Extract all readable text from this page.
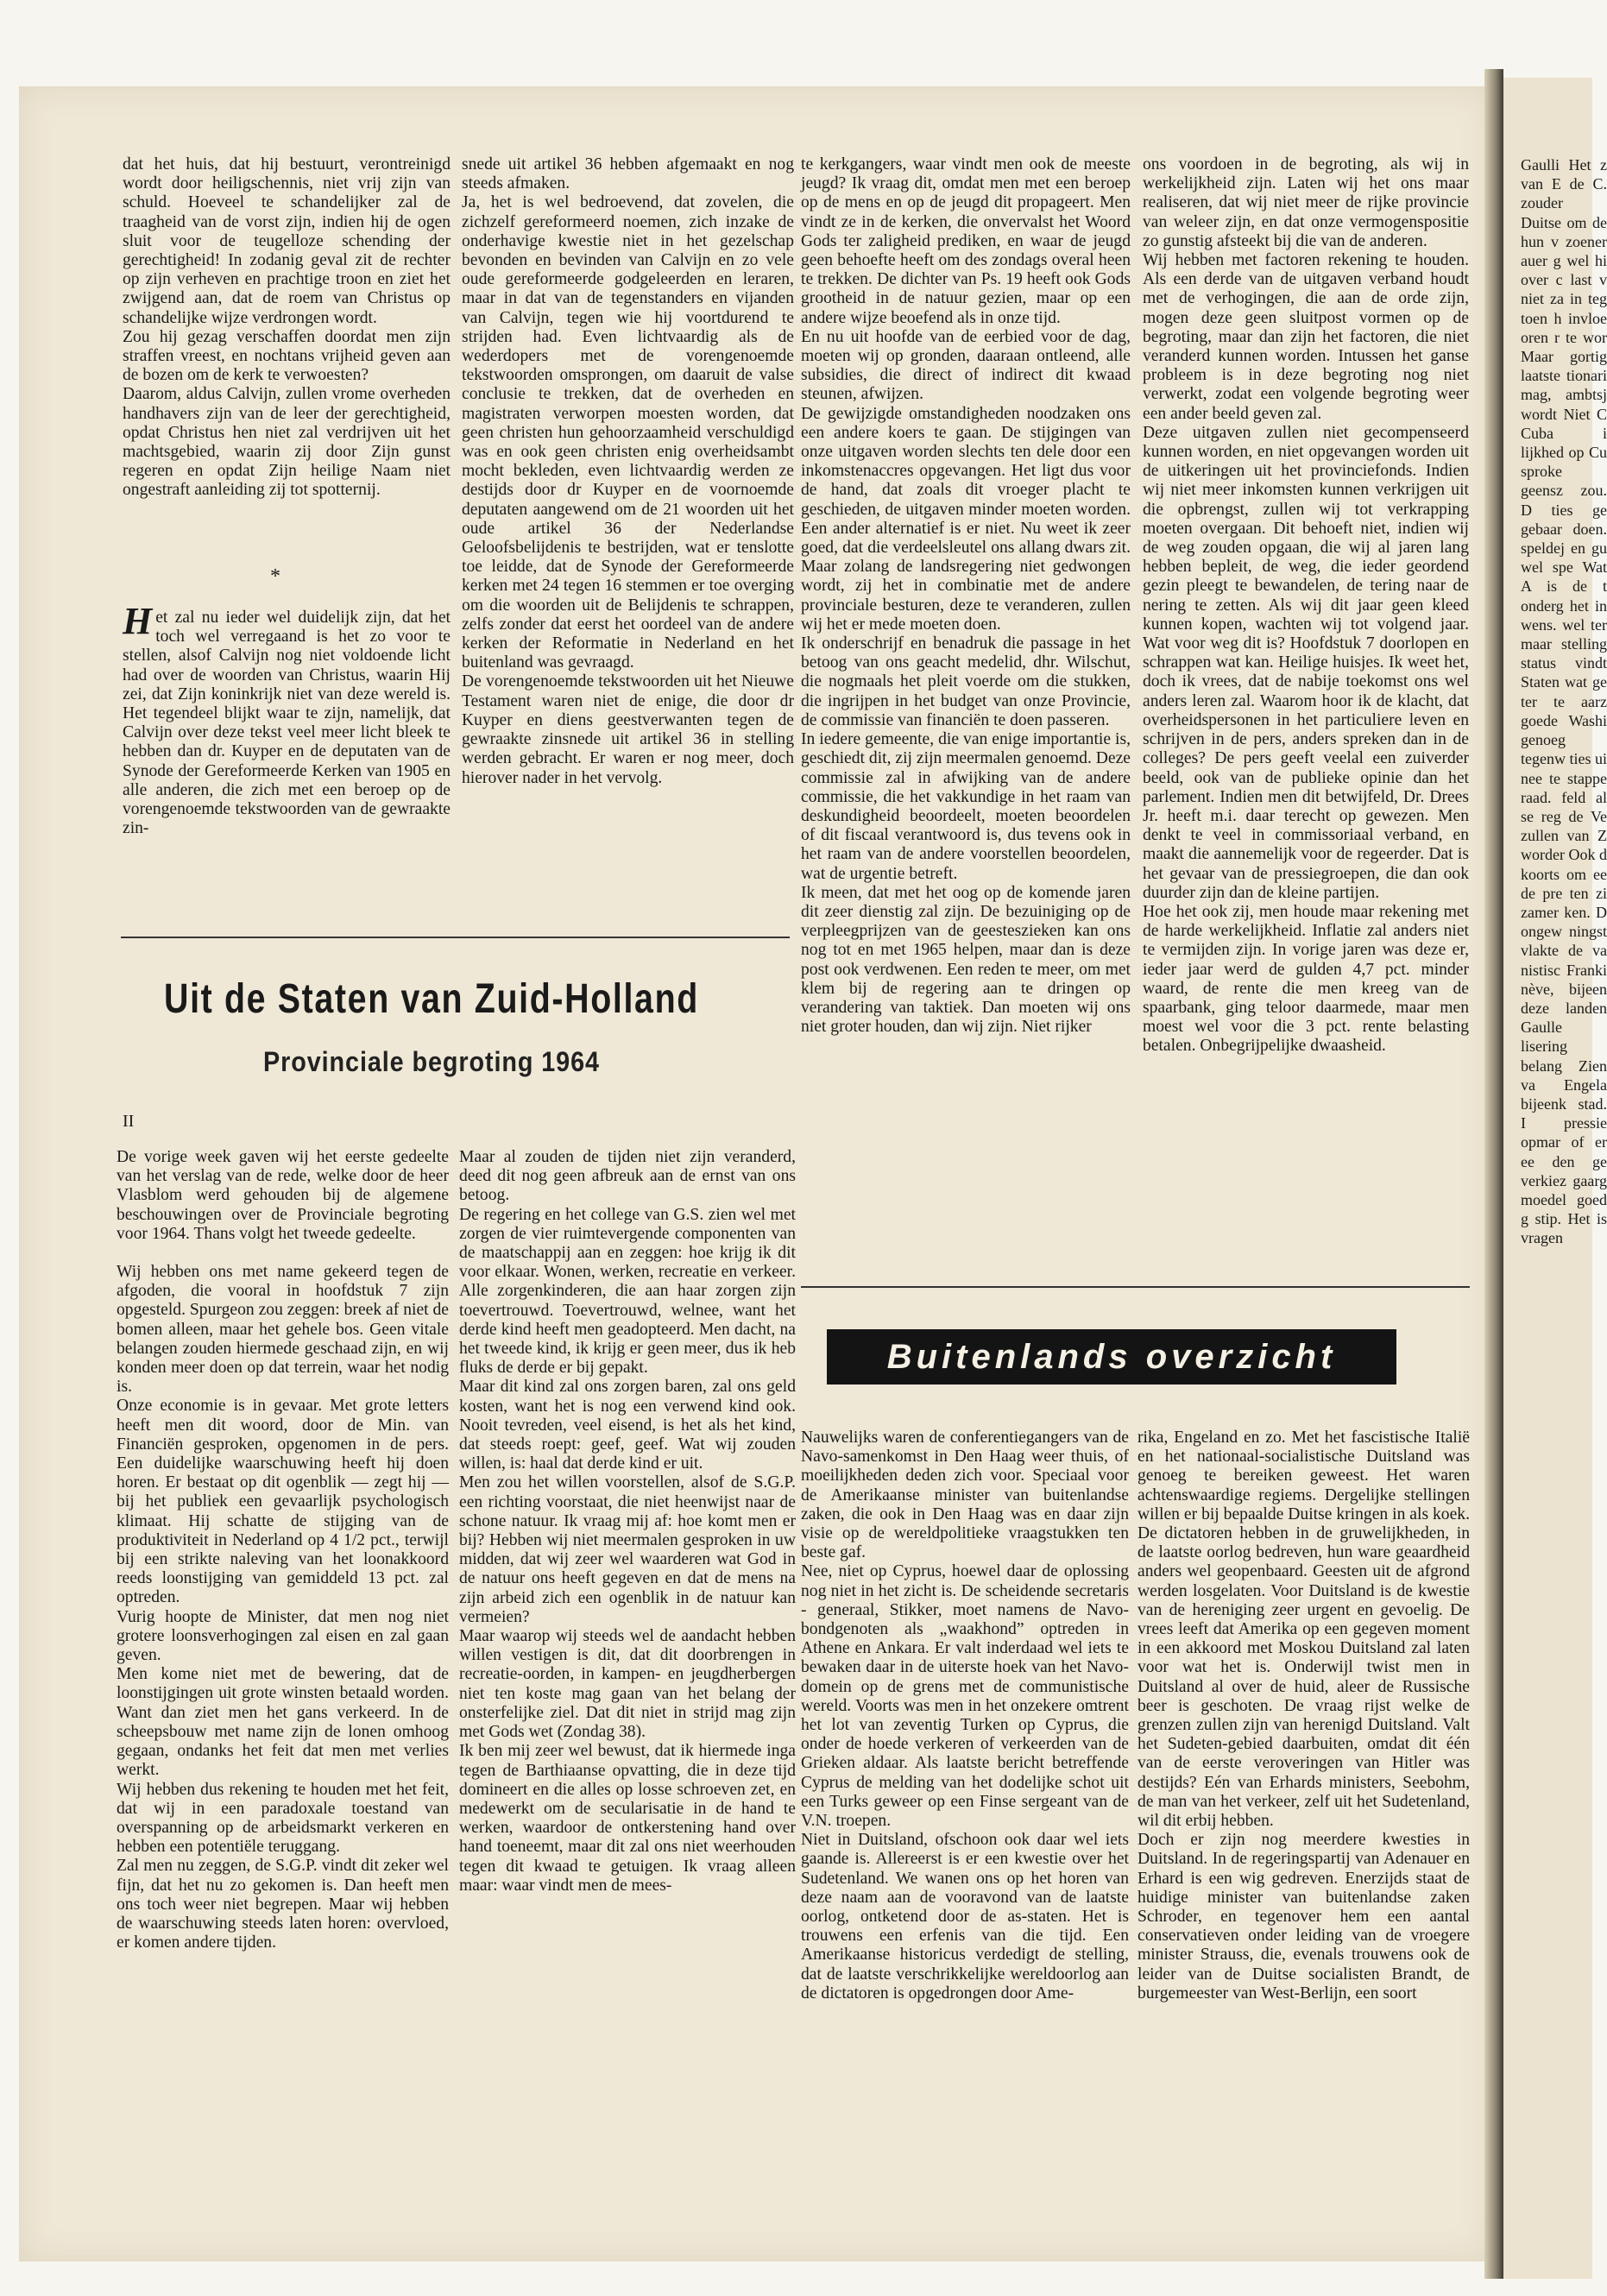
dat het huis, dat hij bestuurt, verontreinigd wordt door heiligschennis, niet vrij zijn van schuld. Hoeveel te schandelijker zal de traagheid van de vorst zijn, indien hij de ogen sluit voor de teugelloze schending der gerechtigheid! In zodanig geval zit de rechter op zijn verheven en prachtige troon en ziet het zwijgend aan, dat de roem van Christus op schandelijke wijze verdrongen wordt.

Zou hij gezag verschaffen doordat men zijn straffen vreest, en nochtans vrijheid geven aan de bozen om de kerk te verwoesten?

Daarom, aldus Calvijn, zullen vrome overheden handhavers zijn van de leer der gerechtigheid, opdat Christus hen niet zal verdrijven uit het machtsgebied, waarin zij door Zijn gunst regeren en opdat Zijn heilige Naam niet ongestraft aanleiding zij tot spotternij.

*

Het zal nu ieder wel duidelijk zijn, dat het toch wel verregaand is het zo voor te stellen, alsof Calvijn nog niet voldoende licht had over de woorden van Christus, waarin Hij zei, dat Zijn koninkrijk niet van deze wereld is. Het tegendeel blijkt waar te zijn, namelijk, dat Calvijn over deze tekst veel meer licht bleek te hebben dan dr. Kuyper en de deputaten van de Synode der Gereformeerde Kerken van 1905 en alle anderen, die zich met een beroep op de vorengenoemde tekstwoorden van de gewraakte zin-

snede uit artikel 36 hebben afgemaakt en nog steeds afmaken.

Ja, het is wel bedroevend, dat zovelen, die zichzelf gereformeerd noemen, zich inzake de onderhavige kwestie niet in het gezelschap bevonden en bevinden van Calvijn en zo vele oude gereformeerde godgeleerden en leraren, maar in dat van de tegenstanders en vijanden van Calvijn, tegen wie hij voortdurend te strijden had. Even lichtvaardig als de wederdopers met de vorengenoemde tekstwoorden omsprongen, om daaruit de valse conclusie te trekken, dat de overheden en magistraten verworpen moesten worden, dat geen christen hun gehoorzaamheid verschuldigd was en ook geen christen enig overheidsambt mocht bekleden, even lichtvaardig werden ze destijds door dr Kuyper en de voornoemde deputaten aangewend om de 21 woorden uit het oude artikel 36 der Nederlandse Geloofsbelijdenis te bestrijden, wat er tenslotte toe leidde, dat de Synode der Gereformeerde kerken met 24 tegen 16 stemmen er toe overging om die woorden uit de Belijdenis te schrappen, zelfs zonder dat eerst het oordeel van de andere kerken der Reformatie in Nederland en het buitenland was gevraagd.

De vorengenoemde tekstwoorden uit het Nieuwe Testament waren niet de enige, die door dr Kuyper en diens geestverwanten tegen de gewraakte zinsnede uit artikel 36 in stelling werden gebracht. Er waren er nog meer, doch hierover nader in het vervolg.

Uit de Staten van Zuid-Holland
Provinciale begroting 1964
II

De vorige week gaven wij het eerste gedeelte van het verslag van de rede, welke door de heer Vlasblom werd gehouden bij de algemene beschouwingen over de Provinciale begroting voor 1964. Thans volgt het tweede gedeelte.

Wij hebben ons met name gekeerd tegen de afgoden, die vooral in hoofdstuk 7 zijn opgesteld. Spurgeon zou zeggen: breek af niet de bomen alleen, maar het gehele bos. Geen vitale belangen zouden hiermede geschaad zijn, en wij konden meer doen op dat terrein, waar het nodig is.

Onze economie is in gevaar. Met grote letters heeft men dit woord, door de Min. van Financiën gesproken, opgenomen in de pers. Een duidelijke waarschuwing heeft hij doen horen. Er bestaat op dit ogenblik — zegt hij — bij het publiek een gevaarlijk psychologisch klimaat. Hij schatte de stijging van de produktiviteit in Nederland op 4 1/2 pct., terwijl bij een strikte naleving van het loonakkoord reeds loonstijging van gemiddeld 13 pct. zal optreden.

Vurig hoopte de Minister, dat men nog niet grotere loonsverhogingen zal eisen en zal gaan geven.

Men kome niet met de bewering, dat de loonstijgingen uit grote winsten betaald worden. Want dan ziet men het gans verkeerd. In de scheepsbouw met name zijn de lonen omhoog gegaan, ondanks het feit dat men met verlies werkt.

Wij hebben dus rekening te houden met het feit, dat wij in een paradoxale toestand van overspanning op de arbeidsmarkt verkeren en hebben een potentiële teruggang.

Zal men nu zeggen, de S.G.P. vindt dit zeker wel fijn, dat het nu zo gekomen is. Dan heeft men ons toch weer niet begrepen. Maar wij hebben de waarschuwing steeds laten horen: overvloed, er komen andere tijden.

Maar al zouden de tijden niet zijn veranderd, deed dit nog geen afbreuk aan de ernst van ons betoog.

De regering en het college van G.S. zien wel met zorgen de vier ruimtevergende componenten van de maatschappij aan en zeggen: hoe krijg ik dit voor elkaar. Wonen, werken, recreatie en verkeer. Alle zorgenkinderen, die aan haar zorgen zijn toevertrouwd. Toevertrouwd, welnee, want het derde kind heeft men geadopteerd. Men dacht, na het tweede kind, ik krijg er geen meer, dus ik heb fluks de derde er bij gepakt.

Maar dit kind zal ons zorgen baren, zal ons geld kosten, want het is nog een verwend kind ook. Nooit tevreden, veel eisend, is het als het kind, dat steeds roept: geef, geef. Wat wij zouden willen, is: haal dat derde kind er uit.

Men zou het willen voorstellen, alsof de S.G.P. een richting voorstaat, die niet heenwijst naar de schone natuur. Ik vraag mij af: hoe komt men er bij? Hebben wij niet meermalen gesproken in uw midden, dat wij zeer wel waarderen wat God in de natuur ons heeft gegeven en dat de mens na zijn arbeid zich een ogenblik in de natuur kan vermeien?

Maar waarop wij steeds wel de aandacht hebben willen vestigen is dit, dat dit doorbrengen in recreatie-oorden, in kampen- en jeugdherbergen niet ten koste mag gaan van het belang der onsterfelijke ziel. Dat dit niet in strijd mag zijn met Gods wet (Zondag 38).

Ik ben mij zeer wel bewust, dat ik hiermede inga tegen de Barthiaanse opvatting, die in deze tijd domineert en die alles op losse schroeven zet, en medewerkt om de secularisatie in de hand te werken, waardoor de ontkerstening hand over hand toeneemt, maar dit zal ons niet weerhouden tegen dit kwaad te getuigen. Ik vraag alleen maar: waar vindt men de mees-

te kerkgangers, waar vindt men ook de meeste jeugd? Ik vraag dit, omdat men met een beroep op de mens en op de jeugd dit propageert. Men vindt ze in de kerken, die onvervalst het Woord Gods ter zaligheid prediken, en waar de jeugd geen behoefte heeft om des zondags overal heen te trekken. De dichter van Ps. 19 heeft ook Gods grootheid in de natuur gezien, maar op een andere wijze beoefend als in onze tijd.

En nu uit hoofde van de eerbied voor de dag, moeten wij op gronden, daaraan ontleend, alle subsidies, die direct of indirect dit kwaad steunen, afwijzen.

De gewijzigde omstandigheden noodzaken ons een andere koers te gaan. De stijgingen van onze uitgaven worden slechts ten dele door een inkomstenaccres opgevangen. Het ligt dus voor de hand, dat zoals dit vroeger placht te geschieden, de uitgaven minder moeten worden. Een ander alternatief is er niet. Nu weet ik zeer goed, dat die verdeelsleutel ons allang dwars zit. Maar zolang de landsregering niet gedwongen wordt, zij het in combinatie met de andere provinciale besturen, deze te veranderen, zullen wij het er mede moeten doen.

Ik onderschrijf en benadruk die passage in het betoog van ons geacht medelid, dhr. Wilschut, die nogmaals het pleit voerde om die stukken, die ingrijpen in het budget van onze Provincie, de commissie van financiën te doen passeren.

In iedere gemeente, die van enige importantie is, geschiedt dit, zij zijn meermalen genoemd. Deze commissie zal in afwijking van de andere commissie, die het vakkundige in het raam van deskundigheid beoordeelt, moeten beoordelen of dit fiscaal verantwoord is, dus tevens ook in het raam van de andere voorstellen beoordelen, wat de urgentie betreft.

Ik meen, dat met het oog op de komende jaren dit zeer dienstig zal zijn. De bezuiniging op de verpleegprijzen van de geesteszieken kan ons nog tot en met 1965 helpen, maar dan is deze post ook verdwenen. Een reden te meer, om met klem bij de regering aan te dringen op verandering van taktiek. Dan moeten wij ons niet groter houden, dan wij zijn. Niet rijker

ons voordoen in de begroting, als wij in werkelijkheid zijn. Laten wij het ons maar realiseren, dat wij niet meer de rijke provincie van weleer zijn, en dat onze vermogenspositie zo gunstig afsteekt bij die van de anderen.

Wij hebben met factoren rekening te houden. Als een derde van de uitgaven verband houdt met de verhogingen, die aan de orde zijn, mogen deze geen sluitpost vormen op de begroting, maar dan zijn het factoren, die niet veranderd kunnen worden. Intussen het ganse probleem is in deze begroting nog niet verwerkt, zodat een volgende begroting weer een ander beeld geven zal.

Deze uitgaven zullen niet gecompenseerd kunnen worden, en niet opgevangen worden uit de uitkeringen uit het provinciefonds. Indien wij niet meer inkomsten kunnen verkrijgen uit die opbrengst, zullen wij tot verkrapping moeten overgaan. Dit behoeft niet, indien wij de weg zouden opgaan, die wij al jaren lang hebben bepleit, de weg, die ieder geordend gezin pleegt te bewandelen, de tering naar de nering te zetten. Als wij dit jaar geen kleed kunnen kopen, wachten wij tot volgend jaar. Wat voor weg dit is? Hoofdstuk 7 doorlopen en schrappen wat kan. Heilige huisjes. Ik weet het, doch ik vrees, dat de nabije toekomst ons wel anders leren zal. Waarom hoor ik de klacht, dat overheidspersonen in het particuliere leven en schrijven in de pers, anders spreken dan in de colleges? De pers geeft veelal een zuiverder beeld, ook van de publieke opinie dan het parlement. Indien men dit betwijfeld, Dr. Drees Jr. heeft m.i. daar terecht op gewezen. Men denkt te veel in commissoriaal verband, en maakt die aannemelijk voor de regeerder. Dat is het gevaar van de pressiegroepen, die dan ook duurder zijn dan de kleine partijen.

Hoe het ook zij, men houde maar rekening met de harde werkelijkheid. Inflatie zal anders niet te vermijden zijn. In vorige jaren was deze er, ieder jaar werd de gulden 4,7 pct. minder waard, de rente die men kreeg van de spaarbank, ging teloor daarmede, maar men moest wel voor die 3 pct. rente belasting betalen. Onbegrijpelijke dwaasheid.

Buitenlands overzicht

Nauwelijks waren de conferentiegangers van de Navo-samenkomst in Den Haag weer thuis, of moeilijkheden deden zich voor. Speciaal voor de Amerikaanse minister van buitenlandse zaken, die ook in Den Haag was en daar zijn visie op de wereldpolitieke vraagstukken ten beste gaf.

Nee, niet op Cyprus, hoewel daar de oplossing nog niet in het zicht is. De scheidende secretaris - generaal, Stikker, moet namens de Navo-bondgenoten als „waakhond” optreden in Athene en Ankara. Er valt inderdaad wel iets te bewaken daar in de uiterste hoek van het Navo-domein op de grens met de communistische wereld. Voorts was men in het onzekere omtrent het lot van zeventig Turken op Cyprus, die onder de hoede verkeren of verkeerden van de Grieken aldaar. Als laatste bericht betreffende Cyprus de melding van het dodelijke schot uit een Turks geweer op een Finse sergeant van de V.N. troepen.

Niet in Duitsland, ofschoon ook daar wel iets gaande is. Allereerst is er een kwestie over het Sudetenland. We wanen ons op het horen van deze naam aan de vooravond van de laatste oorlog, ontketend door de as-staten. Het is trouwens een erfenis van die tijd. Een Amerikaanse historicus verdedigt de stelling, dat de laatste verschrikkelijke wereldoorlog aan de dictatoren is opgedrongen door Ame-

rika, Engeland en zo. Met het fascistische Italië en het nationaal-socialistische Duitsland was genoeg te bereiken geweest. Het waren achtenswaardige regiems. Dergelijke stellingen willen er bij bepaalde Duitse kringen in als koek. De dictatoren hebben in de gruwelijkheden, in de laatste oorlog bedreven, hun ware geaardheid anders wel geopenbaard. Geesten uit de afgrond werden losgelaten. Voor Duitsland is de kwestie van de hereniging zeer urgent en gevoelig. De vrees leeft dat Amerika op een gegeven moment in een akkoord met Moskou Duitsland zal laten voor wat het is. Onderwijl twist men in Duitsland al over de huid, aleer de Russische beer is geschoten. De vraag rijst welke de grenzen zullen zijn van herenigd Duitsland. Valt het Sudeten-gebied daarbuiten, omdat dit één van de eerste veroveringen van Hitler was destijds? Eén van Erhards ministers, Seebohm, de man van het verkeer, zelf uit het Sudetenland, wil dit erbij hebben.

Doch er zijn nog meerdere kwesties in Duitsland. In de regeringspartij van Adenauer en Erhard is een wig gedreven. Enerzijds staat de huidige minister van buitenlandse zaken Schroder, en tegenover hem een aantal conservatieven onder leiding van de vroegere minister Strauss, die, evenals trouwens ook de leider van de Duitse socialisten Brandt, de burgemeester van West-Berlijn, een soort

Gaulli Het z van E de C. zouder Duitse om de hun v zoener auer g wel hi over c last v niet za in teg toen h invloe oren r te wor Maar gortig laatste tionari mag, ambtsj wordt Niet C Cuba i lijkhed op Cu sproke geensz zou. D ties ge gebaar doen. speldej en gu wel spe Wat A is de t onderg het in wens. wel ter maar stelling status vindt Staten wat ge ter te aarz goede Washi genoeg tegenw ties ui nee te stappe raad. feld al se reg de Ve zullen van Z worder Ook d koorts om ee de pre ten zi zamer ken. D ongew ningst vlakte de va nistisc Franki nève, bijeen deze landen Gaulle lisering belang Zien va Engela bijeenk stad. I pressie opmar of er ee den ge verkiez gaarg moedel goed g stip. Het is vragen
